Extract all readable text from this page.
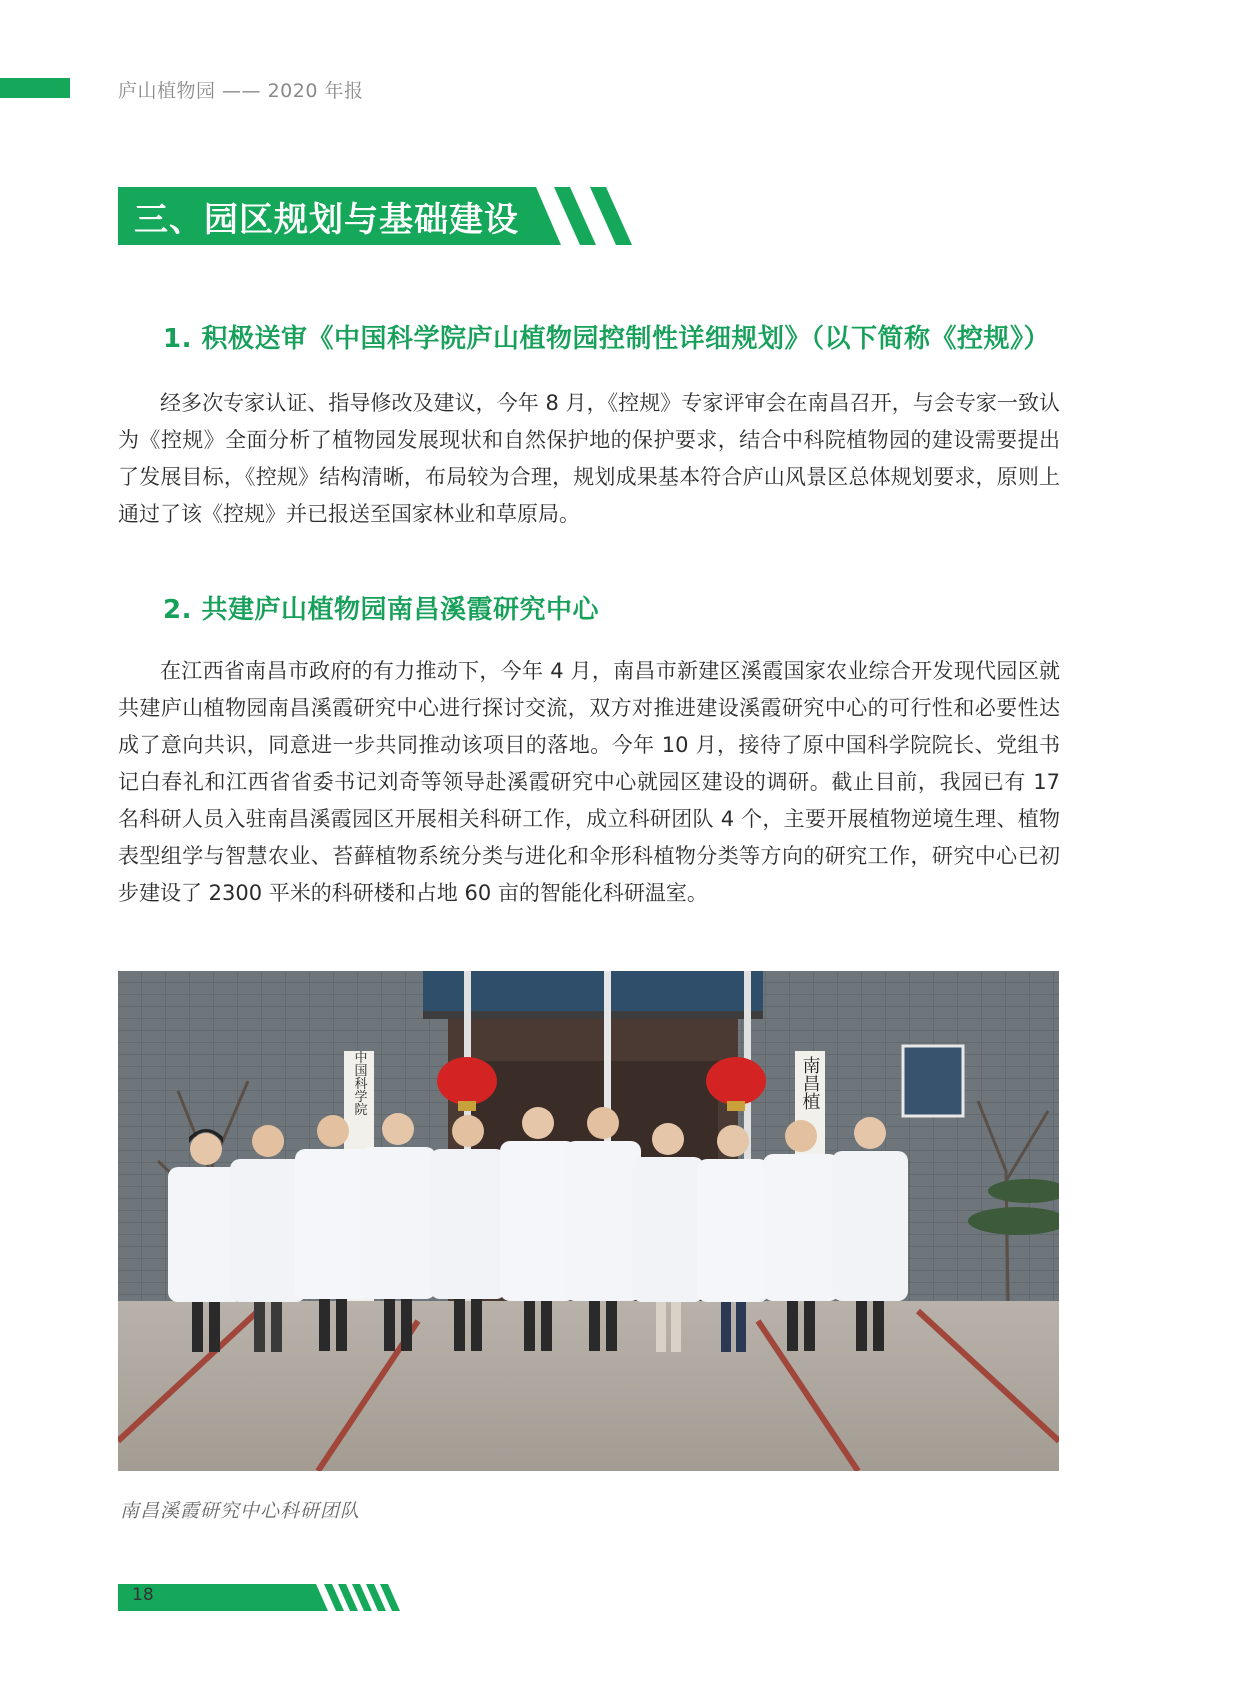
庐山植物园 —— 2020 年报
三、园区规划与基础建设
1. 积极送审《中国科学院庐山植物园控制性详细规划》（以下简称《控规》）

经多次专家认证、指导修改及建议，今年 8 月，《控规》专家评审会在南昌召开，与会专家一致认为《控规》全面分析了植物园发展现状和自然保护地的保护要求，结合中科院植物园的建设需要提出了发展目标，《控规》结构清晰，布局较为合理，规划成果基本符合庐山风景区总体规划要求，原则上通过了该《控规》并已报送至国家林业和草原局。

2. 共建庐山植物园南昌溪霞研究中心

在江西省南昌市政府的有力推动下，今年 4 月，南昌市新建区溪霞国家农业综合开发现代园区就共建庐山植物园南昌溪霞研究中心进行探讨交流，双方对推进建设溪霞研究中心的可行性和必要性达成了意向共识，同意进一步共同推动该项目的落地。今年 10 月，接待了原中国科学院院长、党组书记白春礼和江西省省委书记刘奇等领导赴溪霞研究中心就园区建设的调研。截止目前，我园已有 17 名科研人员入驻南昌溪霞园区开展相关科研工作，成立科研团队 4 个，主要开展植物逆境生理、植物表型组学与智慧农业、苔藓植物系统分类与进化和伞形科植物分类等方向的研究工作，研究中心已初步建设了 2300 平米的科研楼和占地 60 亩的智能化科研温室。

中国科学院	南昌植
南昌溪霞研究中心科研团队
18
